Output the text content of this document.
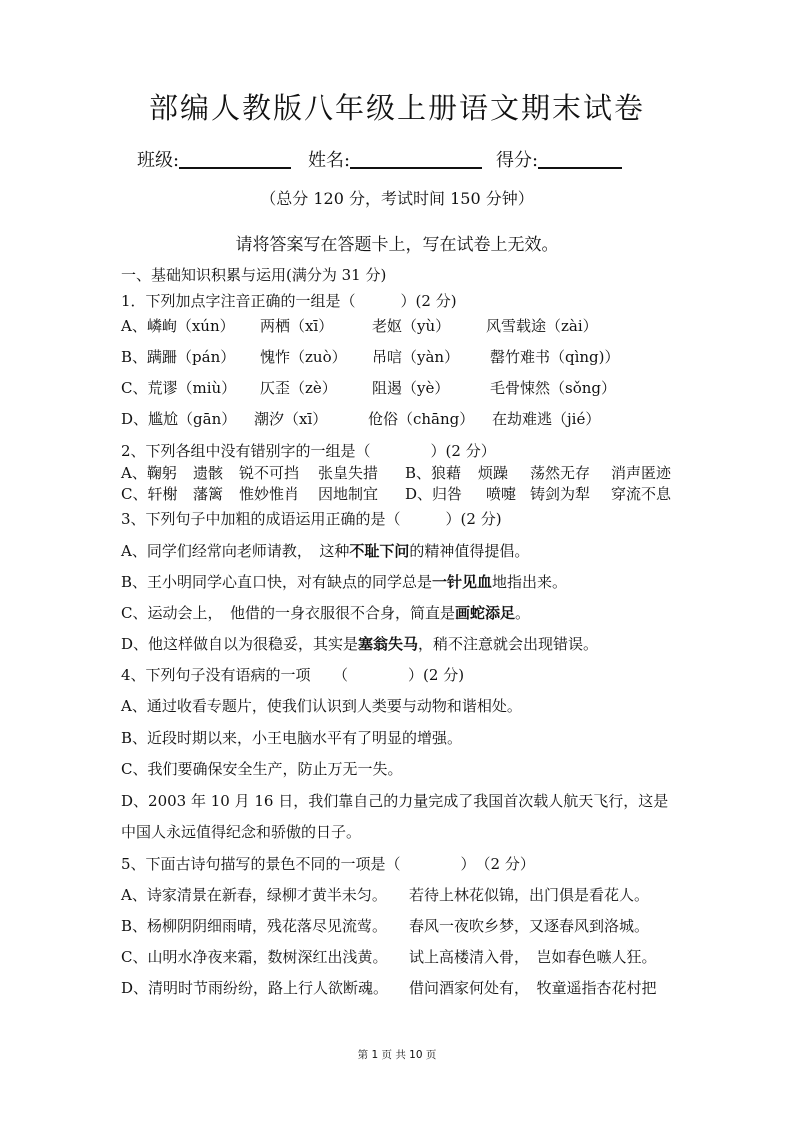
部编人教版八年级上册语文期末试卷
班级:	姓名:	得分:
（总分 120 分，考试时间 150 分钟）
请将答案写在答题卡上，写在试卷上无效。
一、基础知识积累与运用(满分为 31 分)
1．下列加点字注音正确的一组是（　　　）(2 分)
A、嶙峋（xún） 两栖（xī）	老妪（yù） 风雪载途（zài）
B、蹒跚（pán） 愧怍（zuò） 吊唁（yàn） 罄竹难书（qìng)）
C、荒谬（miù） 仄歪（zè） 阻遏（yè）	毛骨悚然（sǒng）
D、尴尬（gān） 潮汐（xī）	伧俗（chāng） 在劫难逃（jié）
2、下列各组中没有错别字的一组是（　　　　）(2 分）
A、鞠躬 遗骸 锐不可挡 张皇失措 B、狼藉 烦躁 荡然无存 消声匿迹
C、轩榭 藩篱 惟妙惟肖 因地制宜 D、归咎 喷嚏 铸剑为犁 穿流不息
3、下列句子中加粗的成语运用正确的是（　　　）(2 分)
A、同学们经常向老师请教，　这种不耻下问的精神值得提倡。
B、王小明同学心直口快，对有缺点的同学总是一针见血地指出来。
C、运动会上，　他借的一身衣服很不合身，简直是画蛇添足。
D、他这样做自以为很稳妥，其实是塞翁失马，稍不注意就会出现错误。
4、下列句子没有语病的一项　　（　　　　）(2 分)
A、通过收看专题片，使我们认识到人类要与动物和谐相处。
B、近段时期以来，小王电脑水平有了明显的增强。
C、我们要确保安全生产，防止万无一失。
D、2003 年 10 月 16 日，我们靠自己的力量完成了我国首次载人航天飞行，这是
中国人永远值得纪念和骄傲的日子。
5、下面古诗句描写的景色不同的一项是（　　　　）　（2 分）
A、诗家清景在新春，绿柳才黄半未匀。 若待上林花似锦，出门俱是看花人。
B、杨柳阴阴细雨晴，残花落尽见流莺。 春风一夜吹乡梦，又逐春风到洛城。
C、山明水净夜来霜，数树深红出浅黄。 试上高楼清入骨，　岂如春色嗾人狂。
D、清明时节雨纷纷，路上行人欲断魂。 借问酒家何处有，　牧童遥指杏花村把
第 1 页 共 10 页
